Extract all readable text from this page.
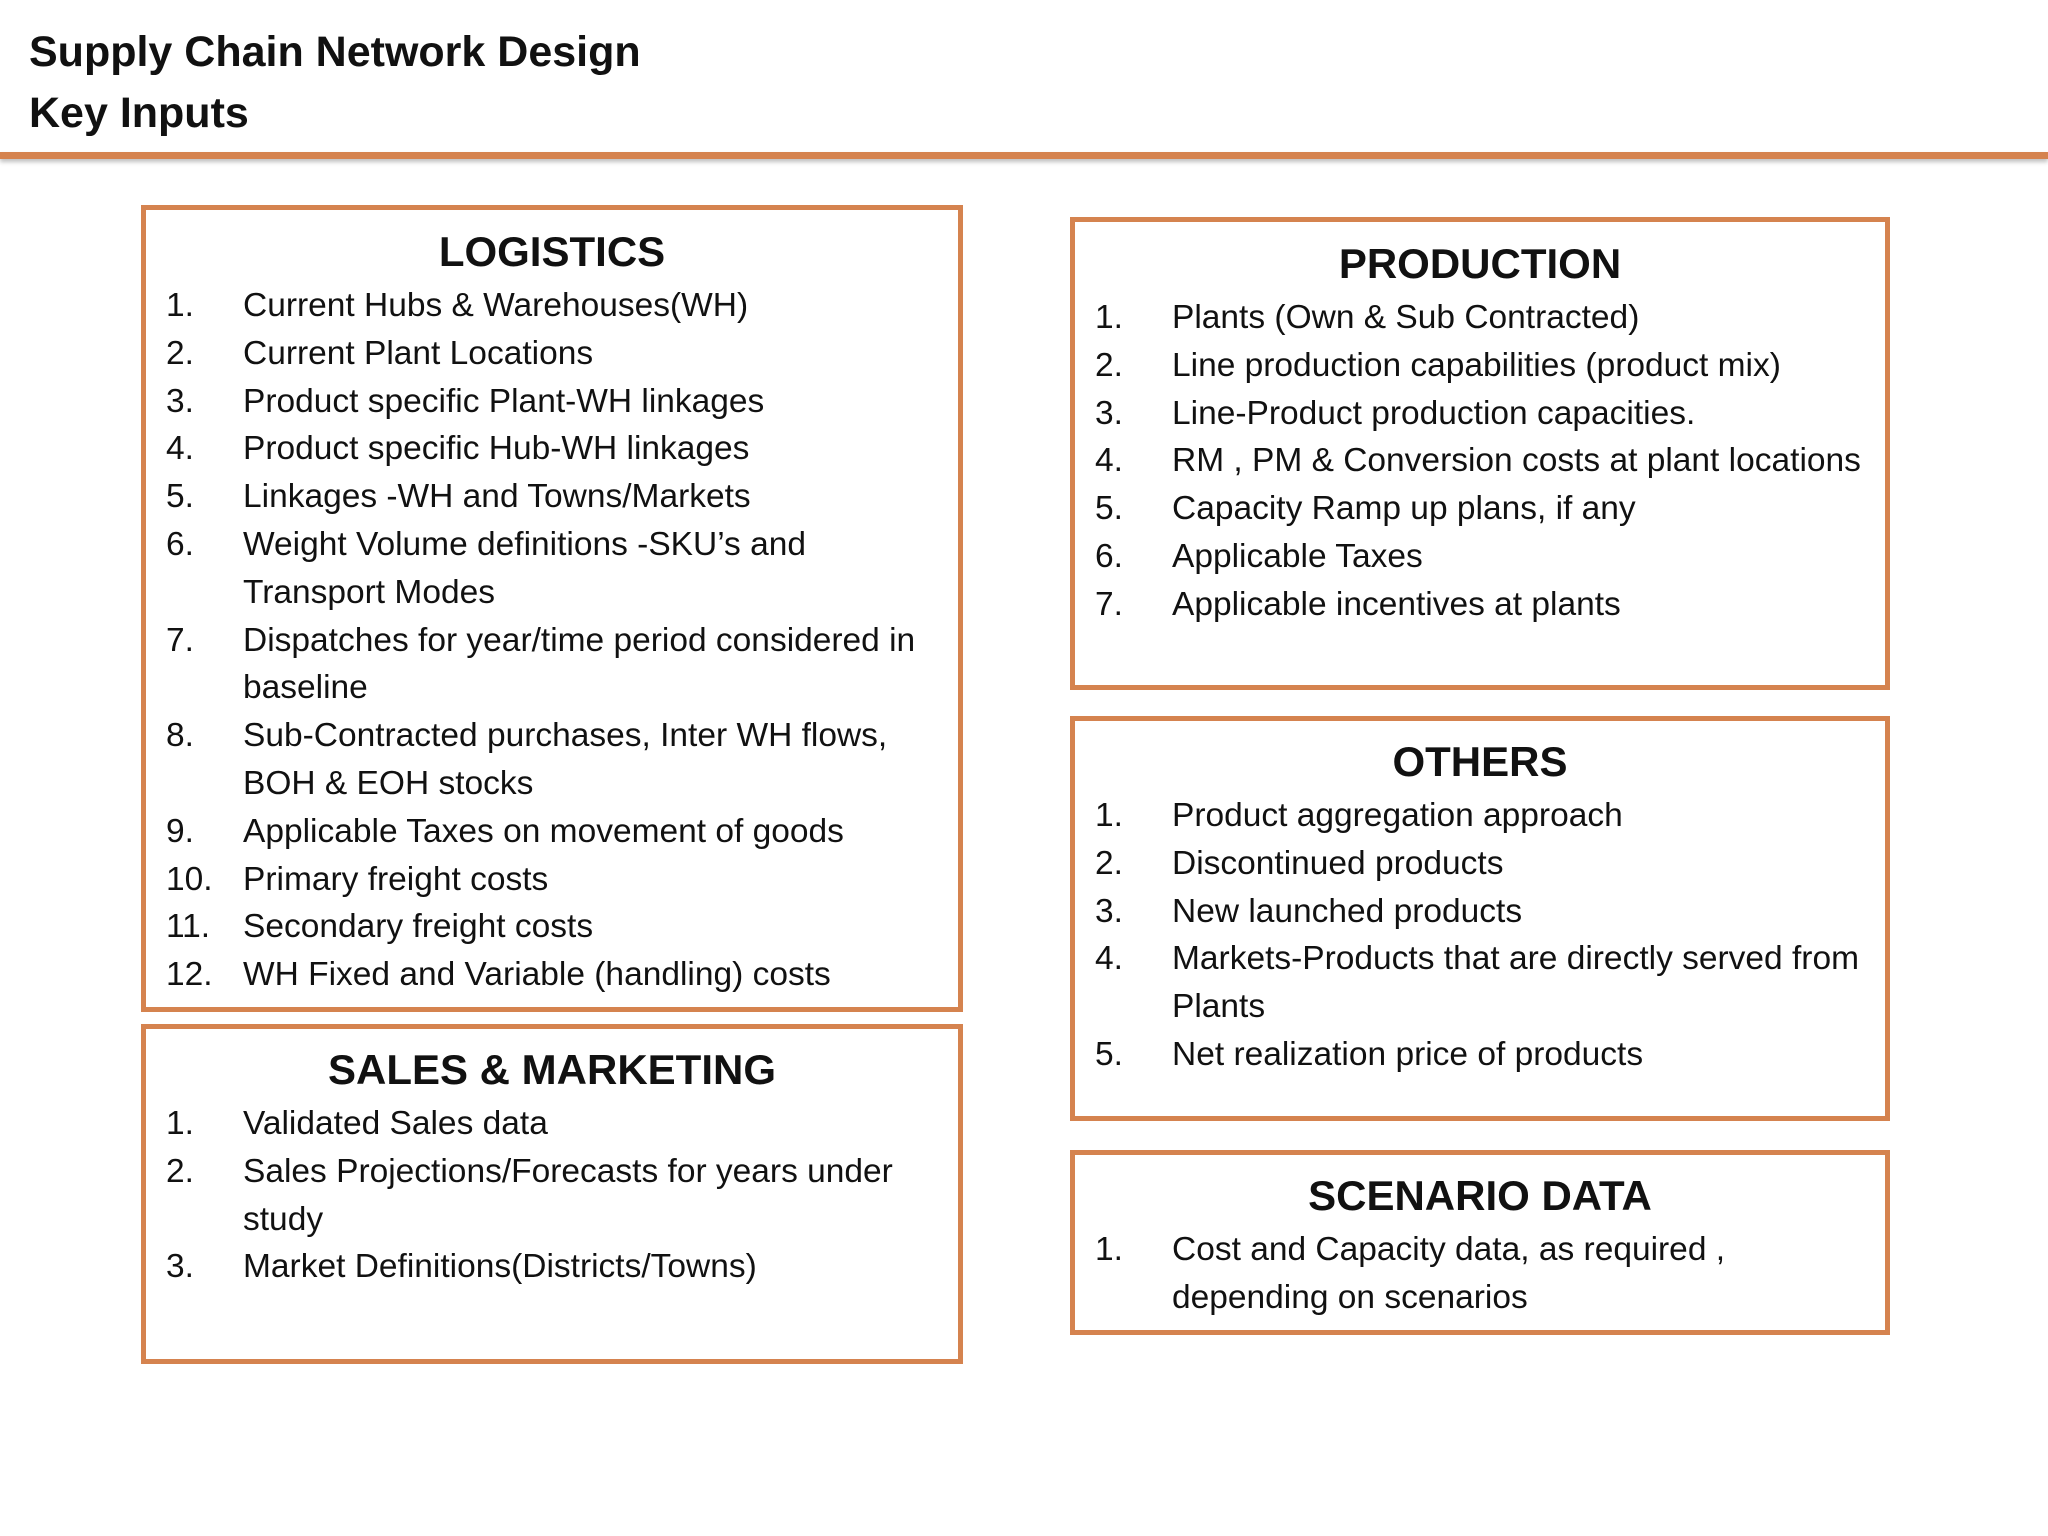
Supply Chain Network Design
Key Inputs
LOGISTICS
1.	Current Hubs & Warehouses(WH)
2.	Current Plant Locations
3.	Product specific Plant-WH linkages
4.	Product specific Hub-WH linkages
5.	Linkages -WH and Towns/Markets
6.	Weight Volume definitions -SKU’s and Transport Modes
7.	Dispatches for year/time period considered in baseline
8.	Sub-Contracted purchases, Inter WH flows, BOH & EOH stocks
9.	Applicable Taxes on movement of goods
10. Primary freight costs
11. Secondary freight costs
12. WH Fixed and Variable (handling) costs
SALES & MARKETING
1.	Validated Sales data
2.	Sales Projections/Forecasts for years under study
3.	Market Definitions(Districts/Towns)
PRODUCTION
1.	Plants (Own & Sub Contracted)
2.	Line production capabilities (product mix)
3.	Line-Product production capacities.
4.	RM , PM & Conversion costs at plant locations
5.	Capacity Ramp up plans, if any
6.	Applicable Taxes
7.	Applicable incentives at plants
OTHERS
1.	Product aggregation approach
2.	Discontinued products
3.	New launched products
4.	Markets-Products that are directly served from Plants
5.	Net realization price of products
SCENARIO DATA
1.	Cost and Capacity data, as required , depending on scenarios
